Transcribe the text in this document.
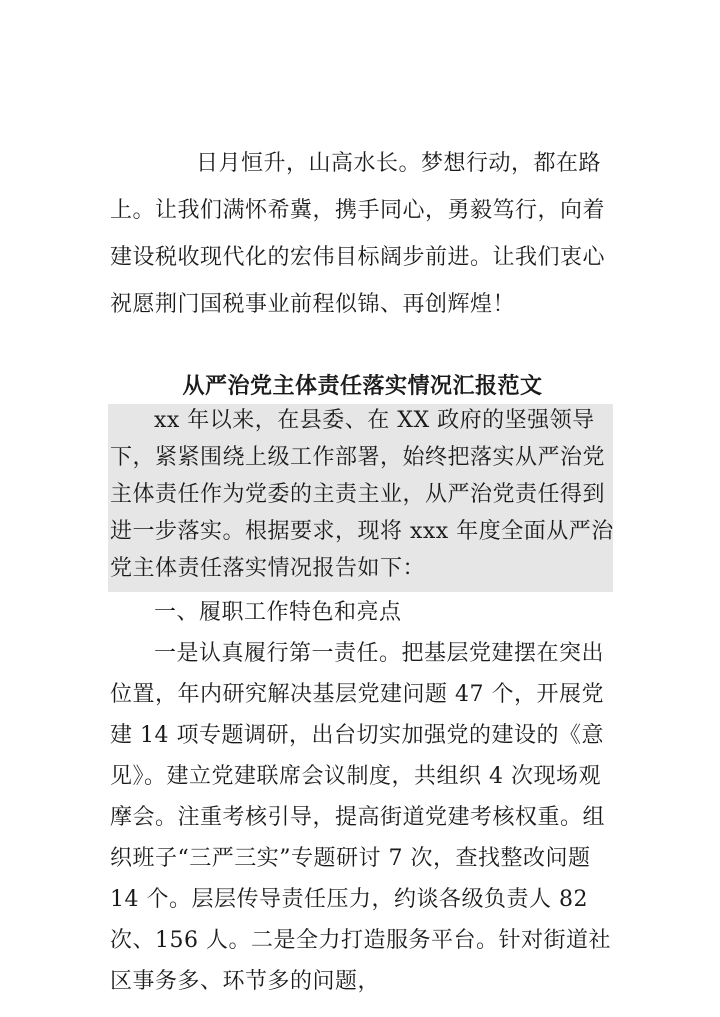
日月恒升，山高水长。梦想行动，都在路上。让我们满怀希冀，携手同心，勇毅笃行，向着建设税收现代化的宏伟目标阔步前进。让我们衷心祝愿荆门国税事业前程似锦、再创辉煌！

从严治党主体责任落实情况汇报范文

xx 年以来，在县委、在 XX 政府的坚强领导下，紧紧围绕上级工作部署，始终把落实从严治党主体责任作为党委的主责主业，从严治党责任得到进一步落实。根据要求，现将 xxx 年度全面从严治党主体责任落实情况报告如下：

一、履职工作特色和亮点

一是认真履行第一责任。把基层党建摆在突出位置，年内研究解决基层党建问题 47 个，开展党建 14 项专题调研，出台切实加强党的建设的《意见》。建立党建联席会议制度，共组织 4 次现场观摩会。注重考核引导，提高街道党建考核权重。组织班子“三严三实”专题研讨 7 次，查找整改问题 14 个。层层传导责任压力，约谈各级负责人 82 次、156 人。二是全力打造服务平台。针对街道社区事务多、环节多的问题，
